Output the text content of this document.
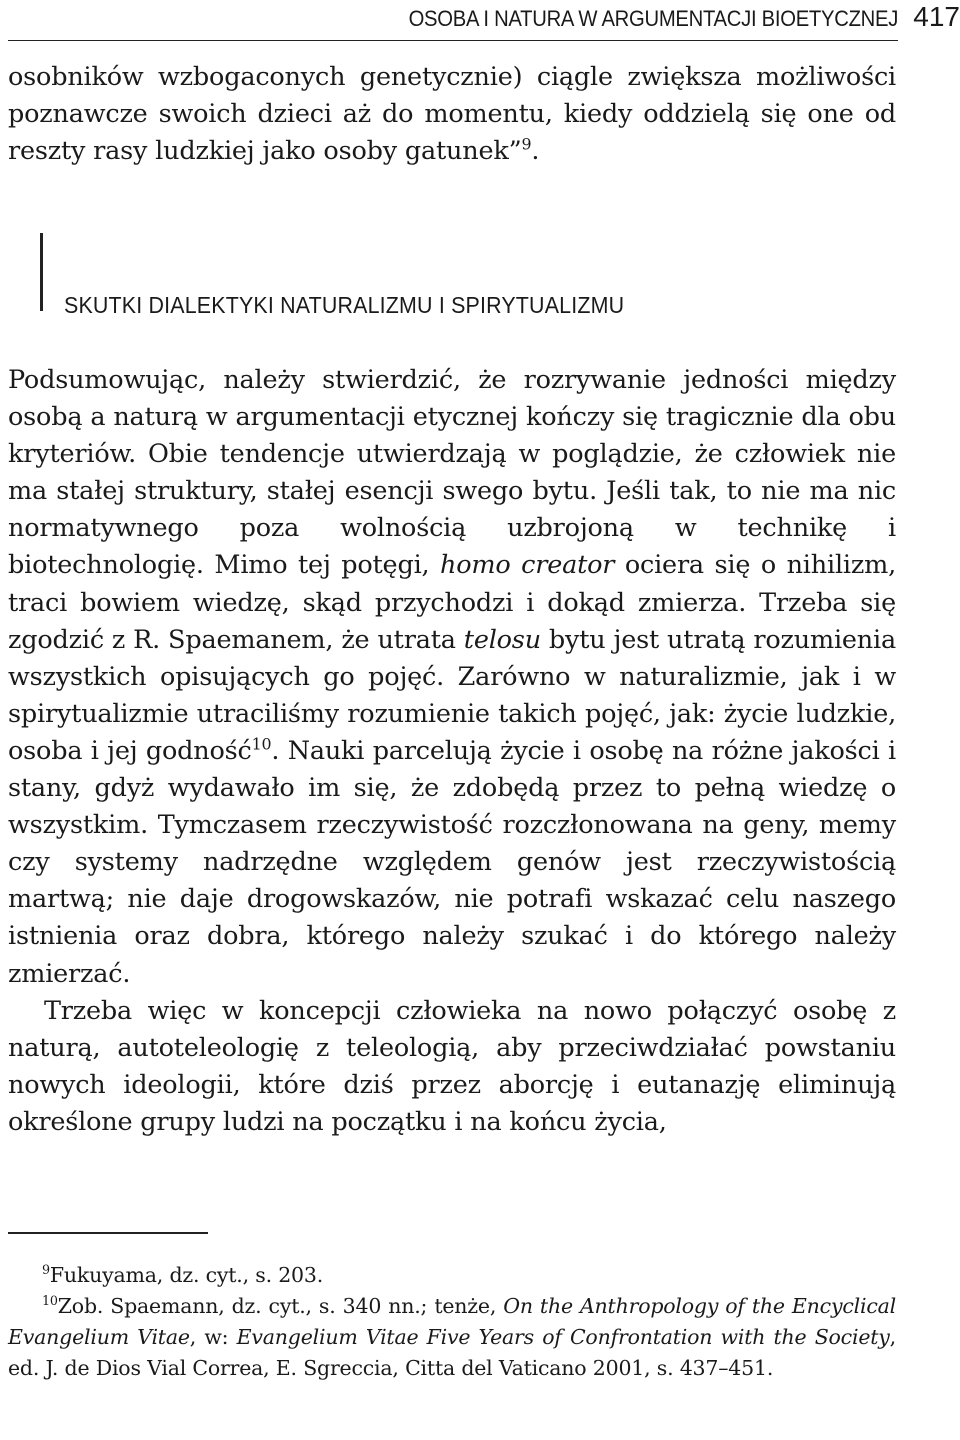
OSOBA I NATURA W ARGUMENTACJI BIOETYCZNEJ 417

osobników wzbogaconych genetycznie) ciągle zwiększa możliwości poznawcze swoich dzieci aż do momentu, kiedy oddzielą się one od reszty rasy ludzkiej jako osoby gatunek”$^9$.

SKUTKI DIALEKTYKI NATURALIZMU I SPIRYTUALIZMU

Podsumowując, należy stwierdzić, że rozrywanie jedności między osobą a naturą w argumentacji etycznej kończy się tragicznie dla obu kryteriów. Obie tendencje utwierdzają w poglądzie, że człowiek nie ma stałej struktury, stałej esencji swego bytu. Jeśli tak, to nie ma nic normatywnego poza wolnością uzbrojoną w technikę i biotechnologię. Mimo tej potęgi, homo creator ociera się o nihilizm, traci bowiem wiedzę, skąd przychodzi i dokąd zmierza. Trzeba się zgodzić z R. Spaemanem, że utrata telosu bytu jest utratą rozumienia wszystkich opisujących go pojęć. Zarówno w naturalizmie, jak i w spirytualizmie utraciliśmy rozumienie takich pojęć, jak: życie ludzkie, osoba i jej godność$^{10}$. Nauki parcelują życie i osobę na różne jakości i stany, gdyż wydawało im się, że zdobędą przez to pełną wiedzę o wszystkim. Tymczasem rzeczywistość rozczłonowana na geny, memy czy systemy nadrzędne względem genów jest rzeczywistością martwą; nie daje drogowskazów, nie potrafi wskazać celu naszego istnienia oraz dobra, którego należy szukać i do którego należy zmierzać.

Trzeba więc w koncepcji człowieka na nowo połączyć osobę z naturą, autoteleologię z teleologią, aby przeciwdziałać powstaniu nowych ideologii, które dziś przez aborcję i eutanazję eliminują określone grupy ludzi na początku i na końcu życia,

$^9$Fukuyama, dz. cyt., s. 203.

$^{10}$Zob. Spaemann, dz. cyt., s. 340 nn.; tenże, On the Anthropology of the Encyclical Evangelium Vitae, w: Evangelium Vitae Five Years of Confrontation with the Society, ed. J. de Dios Vial Correa, E. Sgreccia, Citta del Vaticano 2001, s. 437–451.
